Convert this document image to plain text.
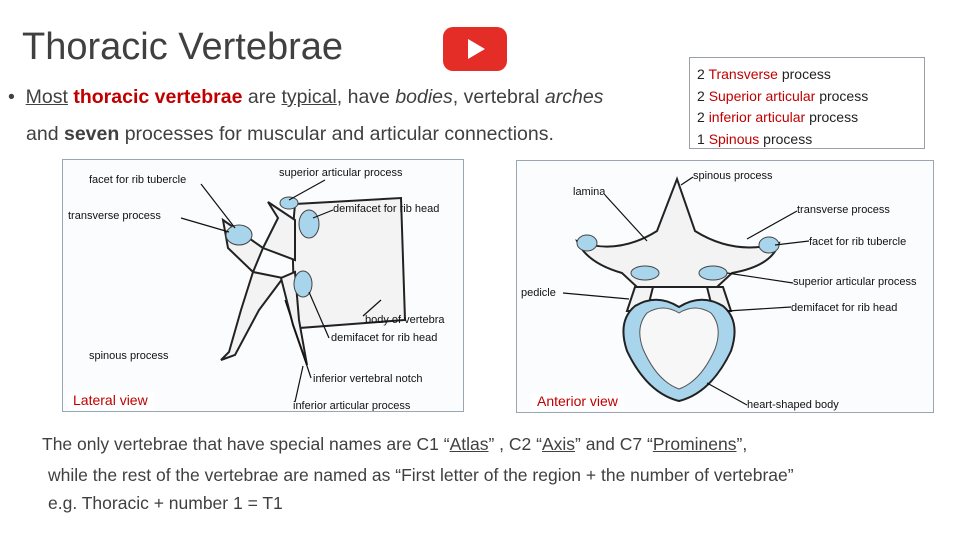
Thoracic Vertebrae
•  Most thoracic vertebrae are typical, have bodies, vertebral arches
and seven processes for muscular and articular connections.
2 Transverse process
2 Superior articular process
2 inferior articular process
1 Spinous process
facet for rib tubercle
superior articular process
demifacet for rib head
transverse process
body of vertebra
demifacet for rib head
spinous process
inferior vertebral notch
inferior articular process
Lateral view
spinous process
lamina
transverse process
facet for rib tubercle
pedicle
superior articular process
demifacet for rib head
heart-shaped body
Anterior view
The only vertebrae that have special names are C1 “Atlas” , C2 “Axis” and C7 “Prominens”,
while the rest of the vertebrae are named as “First letter of the region + the number of vertebrae”
e.g. Thoracic + number 1 = T1
